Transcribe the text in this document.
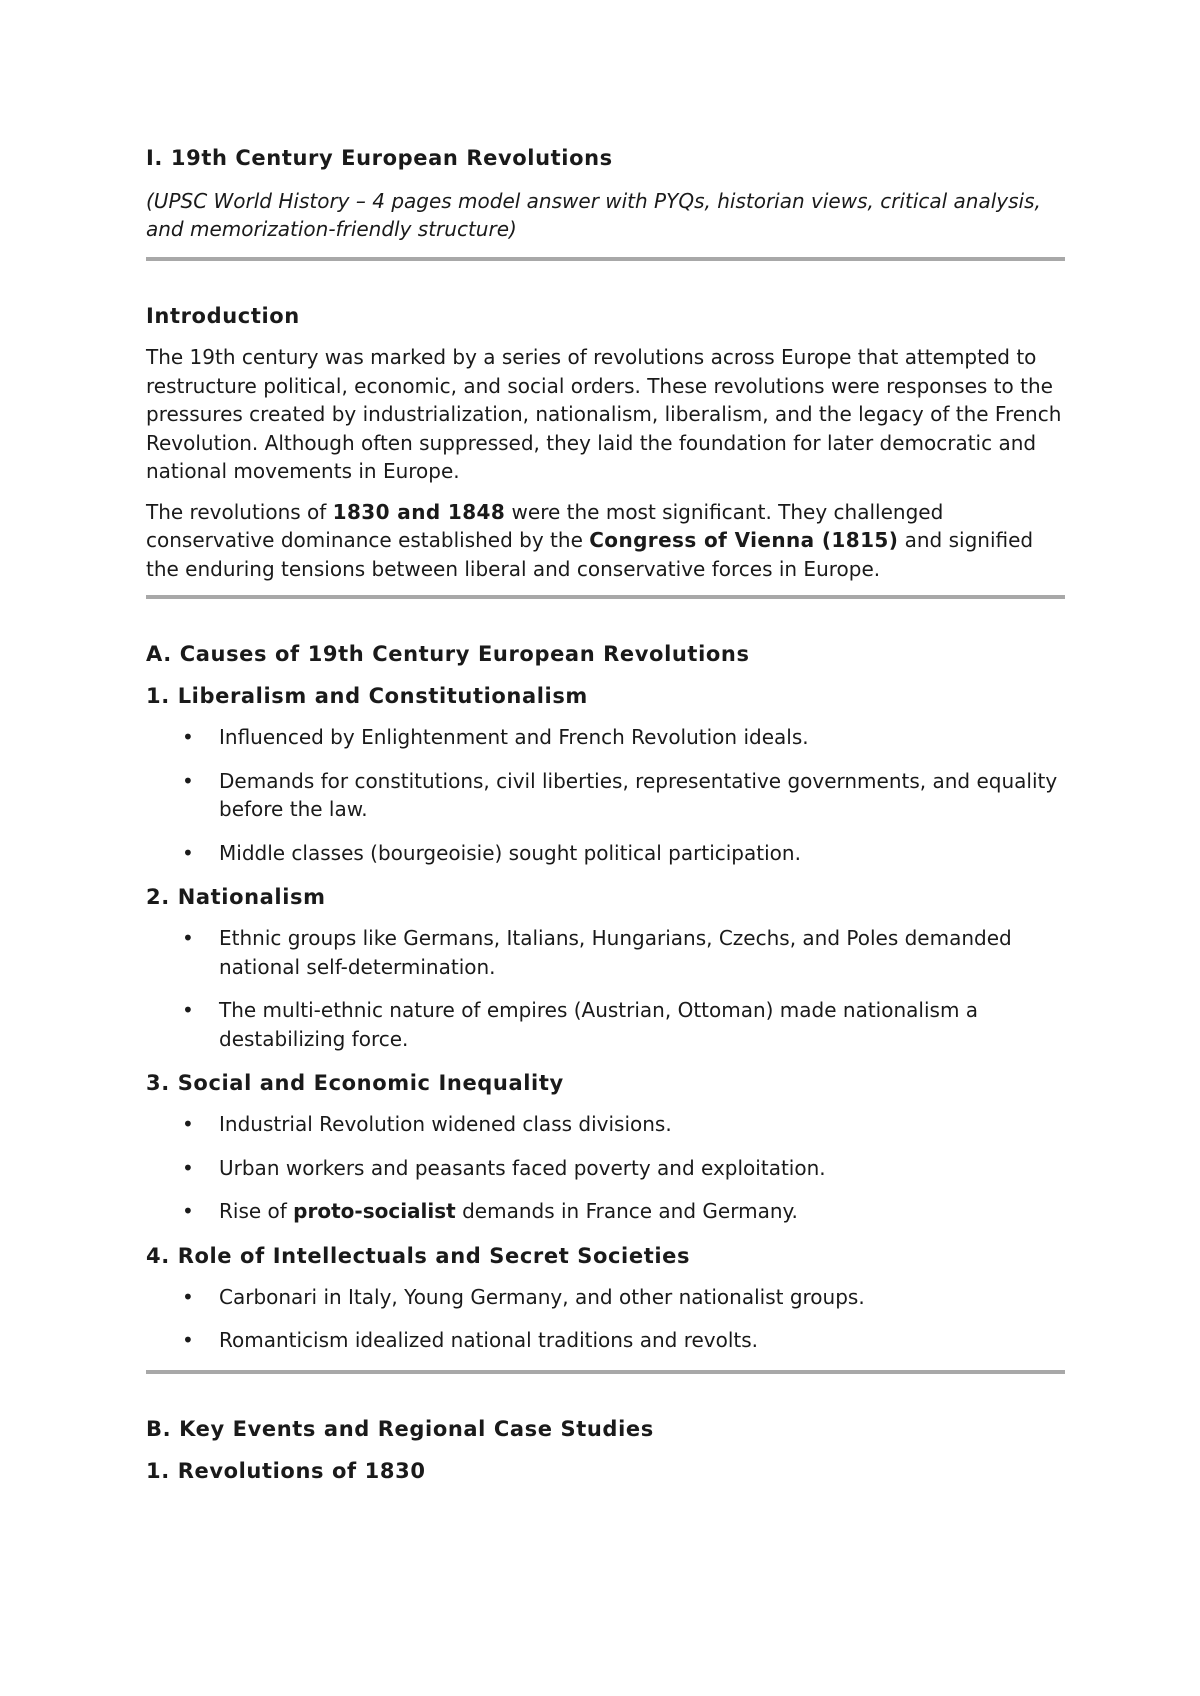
I. 19th Century European Revolutions
(UPSC World History – 4 pages model answer with PYQs, historian views, critical analysis, and memorization-friendly structure)
Introduction

The 19th century was marked by a series of revolutions across Europe that attempted to restructure political, economic, and social orders. These revolutions were responses to the pressures created by industrialization, nationalism, liberalism, and the legacy of the French Revolution. Although often suppressed, they laid the foundation for later democratic and national movements in Europe.

The revolutions of 1830 and 1848 were the most significant. They challenged conservative dominance established by the Congress of Vienna (1815) and signified the enduring tensions between liberal and conservative forces in Europe.

A. Causes of 19th Century European Revolutions
1. Liberalism and Constitutionalism
• Influenced by Enlightenment and French Revolution ideals.
• Demands for constitutions, civil liberties, representative governments, and equality before the law.
• Middle classes (bourgeoisie) sought political participation.
2. Nationalism
• Ethnic groups like Germans, Italians, Hungarians, Czechs, and Poles demanded national self-determination.
• The multi-ethnic nature of empires (Austrian, Ottoman) made nationalism a destabilizing force.
3. Social and Economic Inequality
• Industrial Revolution widened class divisions.
• Urban workers and peasants faced poverty and exploitation.
• Rise of proto-socialist demands in France and Germany.
4. Role of Intellectuals and Secret Societies
• Carbonari in Italy, Young Germany, and other nationalist groups.
• Romanticism idealized national traditions and revolts.
B. Key Events and Regional Case Studies
1. Revolutions of 1830
